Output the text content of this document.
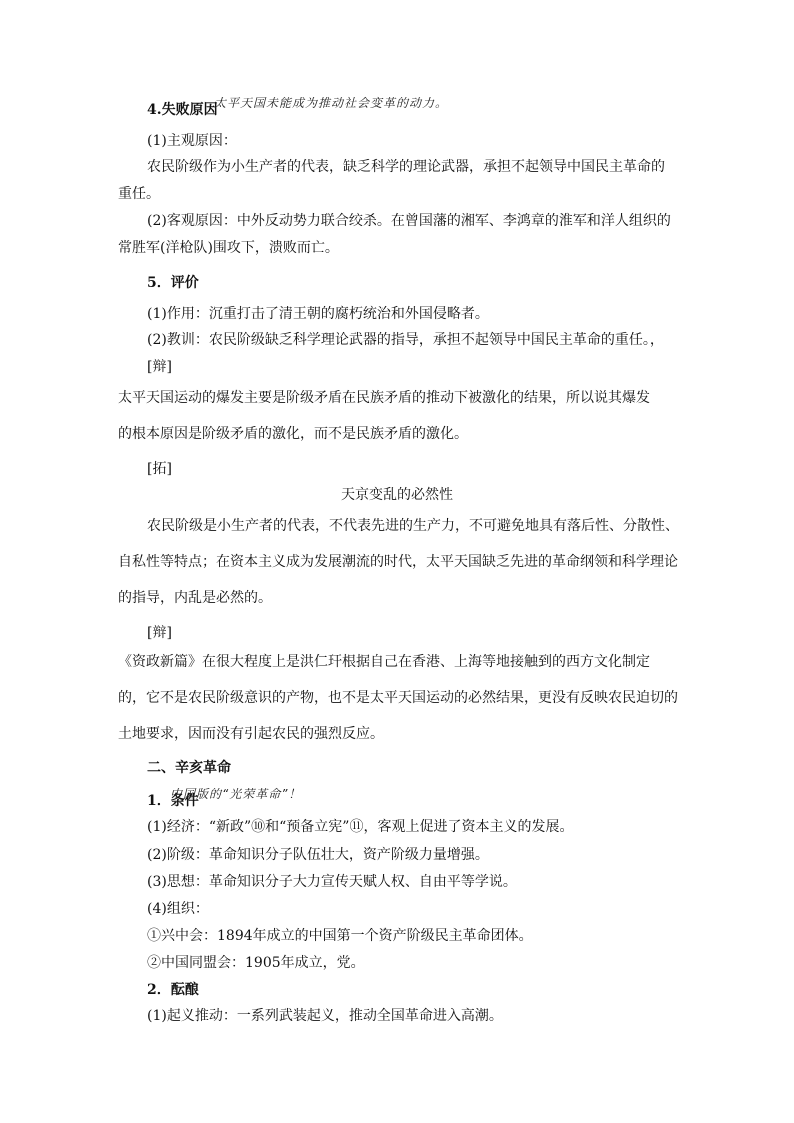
4.失败原因
太平天国未能成为推动社会变革的动力。
(1)主观原因：
农民阶级作为小生产者的代表，缺乏科学的理论武器，承担不起领导中国民主革命的
重任。
(2)客观原因：中外反动势力联合绞杀。在曾国藩的湘军、李鸿章的淮军和洋人组织的
常胜军(洋枪队)围攻下，溃败而亡。
5．评价
(1)作用：沉重打击了清王朝的腐朽统治和外国侵略者。
(2)教训：农民阶级缺乏科学理论武器的指导，承担不起领导中国民主革命的重任。，
[辩]
太平天国运动的爆发主要是阶级矛盾在民族矛盾的推动下被激化的结果，所以说其爆发
的根本原因是阶级矛盾的激化，而不是民族矛盾的激化。
[拓]
天京变乱的必然性
农民阶级是小生产者的代表，不代表先进的生产力，不可避免地具有落后性、分散性、
自私性等特点；在资本主义成为发展潮流的时代，太平天国缺乏先进的革命纲领和科学理论
的指导，内乱是必然的。
[辩]
《资政新篇》在很大程度上是洪仁玕根据自己在香港、上海等地接触到的西方文化制定
的，它不是农民阶级意识的产物，也不是太平天国运动的必然结果，更没有反映农民迫切的
土地要求，因而没有引起农民的强烈反应。
二、辛亥革命
1．条件
中国版的“光荣革命”！
(1)经济：“新政”⑩和“预备立宪”⑪，客观上促进了资本主义的发展。
(2)阶级：革命知识分子队伍壮大，资产阶级力量增强。
(3)思想：革命知识分子大力宣传天赋人权、自由平等学说。
(4)组织：
①兴中会：1894年成立的中国第一个资产阶级民主革命团体。
②中国同盟会：1905年成立，党。
2．酝酿
(1)起义推动：一系列武装起义，推动全国革命进入高潮。
